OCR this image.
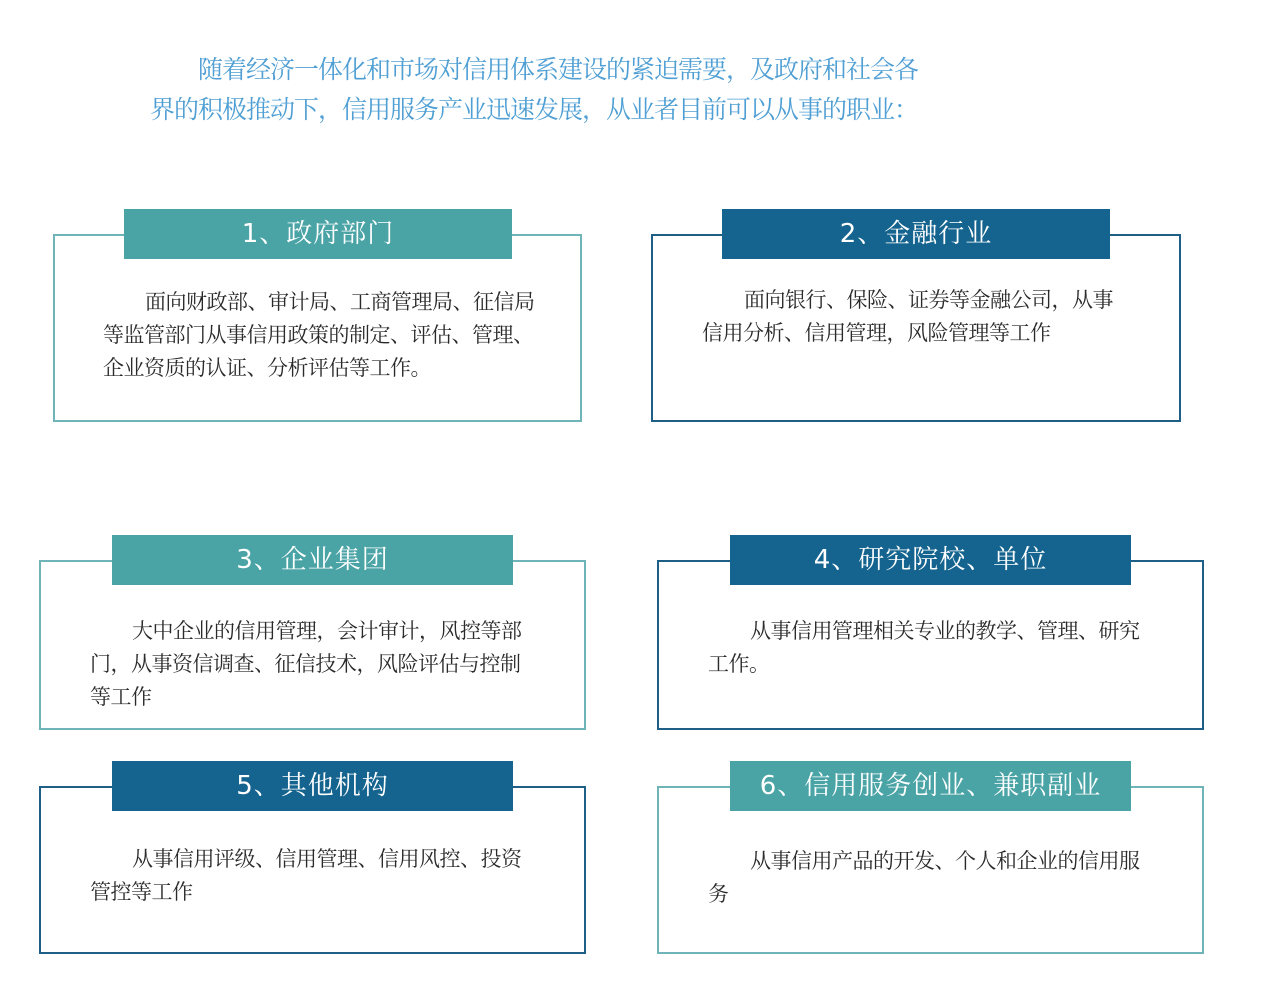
随着经济一体化和市场对信用体系建设的紧迫需要，及政府和社会各
界的积极推动下，信用服务产业迅速发展，从业者目前可以从事的职业：

1、政府部门

面向财政部、审计局、工商管理局、征信局等监管部门从事信用政策的制定、评估、管理、企业资质的认证、分析评估等工作。

2、金融行业

面向银行、保险、证券等金融公司，从事信用分析、信用管理，风险管理等工作

3、企业集团

大中企业的信用管理，会计审计，风控等部门，从事资信调查、征信技术，风险评估与控制等工作

4、研究院校、单位

从事信用管理相关专业的教学、管理、研究工作。

5、其他机构

从事信用评级、信用管理、信用风控、投资管控等工作

6、信用服务创业、兼职副业

从事信用产品的开发、个人和企业的信用服务
